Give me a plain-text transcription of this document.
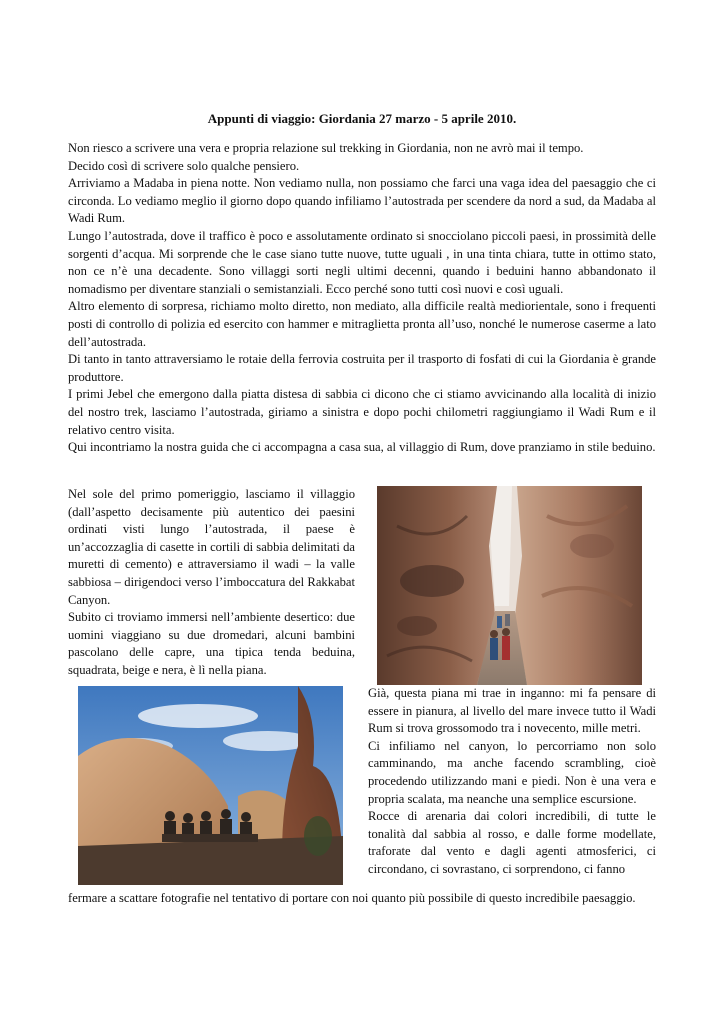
Appunti di viaggio: Giordania 27 marzo - 5 aprile 2010.

Non riesco a scrivere una vera e propria relazione sul trekking in Giordania, non ne avrò mai il tempo.

Decido così di scrivere solo qualche pensiero.

Arriviamo a Madaba in piena notte. Non vediamo nulla, non possiamo che farci una vaga idea del paesaggio che ci circonda. Lo vediamo meglio il giorno dopo quando infiliamo l’autostrada per scendere da nord a sud, da Madaba al Wadi Rum.

Lungo l’autostrada, dove il traffico è poco e assolutamente ordinato si snocciolano piccoli paesi, in prossimità delle sorgenti d’acqua. Mi sorprende che le case siano tutte nuove, tutte uguali , in una tinta chiara, tutte in ottimo stato, non ce n’è una decadente. Sono villaggi sorti negli ultimi decenni, quando i beduini hanno abbandonato il nomadismo per diventare stanziali o semistanziali. Ecco perché sono tutti così nuovi e così uguali.

Altro elemento di sorpresa, richiamo molto diretto, non mediato, alla difficile realtà mediorientale, sono i frequenti posti di controllo di polizia ed esercito con hammer e mitraglietta pronta all’uso, nonché le numerose caserme a lato dell’autostrada.

Di tanto in tanto attraversiamo le rotaie della ferrovia costruita per il trasporto di fosfati di cui la Giordania è grande produttore.

I primi Jebel che emergono dalla piatta distesa di sabbia ci dicono che ci stiamo avvicinando alla località di inizio del nostro trek, lasciamo l’autostrada, giriamo a sinistra e dopo pochi chilometri raggiungiamo il Wadi Rum e il relativo centro visita.

Qui incontriamo la nostra guida che ci accompagna a casa sua, al villaggio di Rum, dove pranziamo in stile beduino.

Nel sole del primo pomeriggio, lasciamo il villaggio (dall’aspetto decisamente più autentico dei paesini ordinati visti lungo l’autostrada, il paese è un’accozzaglia di casette in cortili di sabbia delimitati da muretti di cemento) e attraversiamo il wadi – la valle sabbiosa – dirigendoci verso l’imboccatura del Rakkabat Canyon.

Subito ci troviamo immersi nell’ambiente desertico: due uomini viaggiano su due dromedari, alcuni bambini pascolano delle capre, una tipica tenda beduina, squadrata, beige e nera, è lì nella piana.

Già, questa piana mi trae in inganno: mi fa pensare di essere in pianura, al livello del mare invece tutto il Wadi Rum si trova grossomodo tra i novecento, mille metri.

Ci infiliamo nel canyon, lo percorriamo non solo camminando, ma anche facendo scrambling, cioè procedendo utilizzando mani e piedi. Non è una vera e propria scalata, ma neanche una semplice escursione.

Rocce di arenaria dai colori incredibili, di tutte le tonalità dal sabbia al rosso, e dalle forme modellate, traforate dal vento e dagli agenti atmosferici, ci circondano, ci sovrastano, ci sorprendono, ci fanno

fermare a scattare fotografie nel tentativo di portare con noi quanto più possibile di questo incredibile paesaggio.
